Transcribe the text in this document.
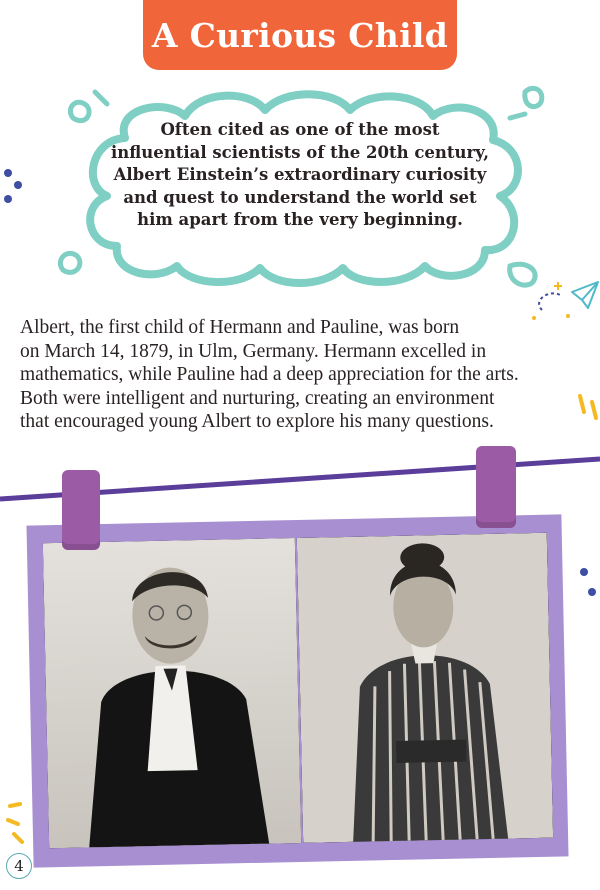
A Curious Child
Often cited as one of the most
influential scientists of the 20th century,
Albert Einstein’s extraordinary curiosity
and quest to understand the world set
him apart from the very beginning.
Albert, the first child of Hermann and Pauline, was born
on March 14, 1879, in Ulm, Germany. Hermann excelled in
mathematics, while Pauline had a deep appreciation for the arts.
Both were intelligent and nurturing, creating an environment
that encouraged young Albert to explore his many questions.
4
